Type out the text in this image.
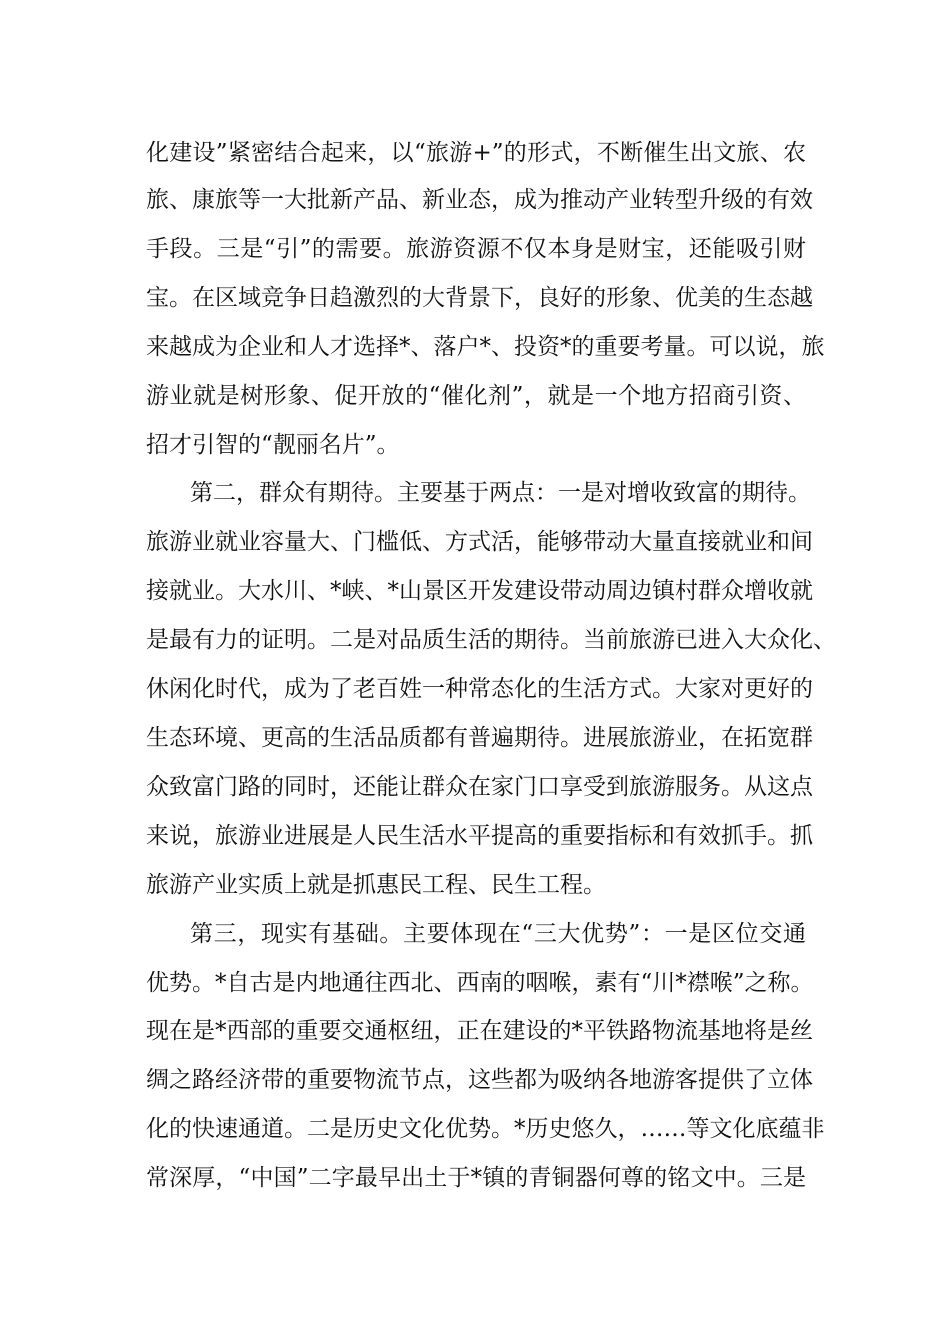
化建设”紧密结合起来，以“旅游+”的形式，不断催生出文旅、农
旅、康旅等一大批新产品、新业态，成为推动产业转型升级的有效
手段。三是“引”的需要。旅游资源不仅本身是财宝，还能吸引财
宝。在区域竞争日趋激烈的大背景下，良好的形象、优美的生态越
来越成为企业和人才选择*、落户*、投资*的重要考量。可以说，旅
游业就是树形象、促开放的“催化剂”，就是一个地方招商引资、
招才引智的“靓丽名片”。
第二，群众有期待。主要基于两点：一是对增收致富的期待。
旅游业就业容量大、门槛低、方式活，能够带动大量直接就业和间
接就业。大水川、*峡、*山景区开发建设带动周边镇村群众增收就
是最有力的证明。二是对品质生活的期待。当前旅游已进入大众化、
休闲化时代，成为了老百姓一种常态化的生活方式。大家对更好的
生态环境、更高的生活品质都有普遍期待。进展旅游业，在拓宽群
众致富门路的同时，还能让群众在家门口享受到旅游服务。从这点
来说，旅游业进展是人民生活水平提高的重要指标和有效抓手。抓
旅游产业实质上就是抓惠民工程、民生工程。
第三，现实有基础。主要体现在“三大优势”：一是区位交通
优势。*自古是内地通往西北、西南的咽喉，素有“川*襟喉”之称。
现在是*西部的重要交通枢纽，正在建设的*平铁路物流基地将是丝
绸之路经济带的重要物流节点，这些都为吸纳各地游客提供了立体
化的快速通道。二是历史文化优势。*历史悠久，……等文化底蕴非
常深厚，“中国”二字最早出土于*镇的青铜器何尊的铭文中。三是
